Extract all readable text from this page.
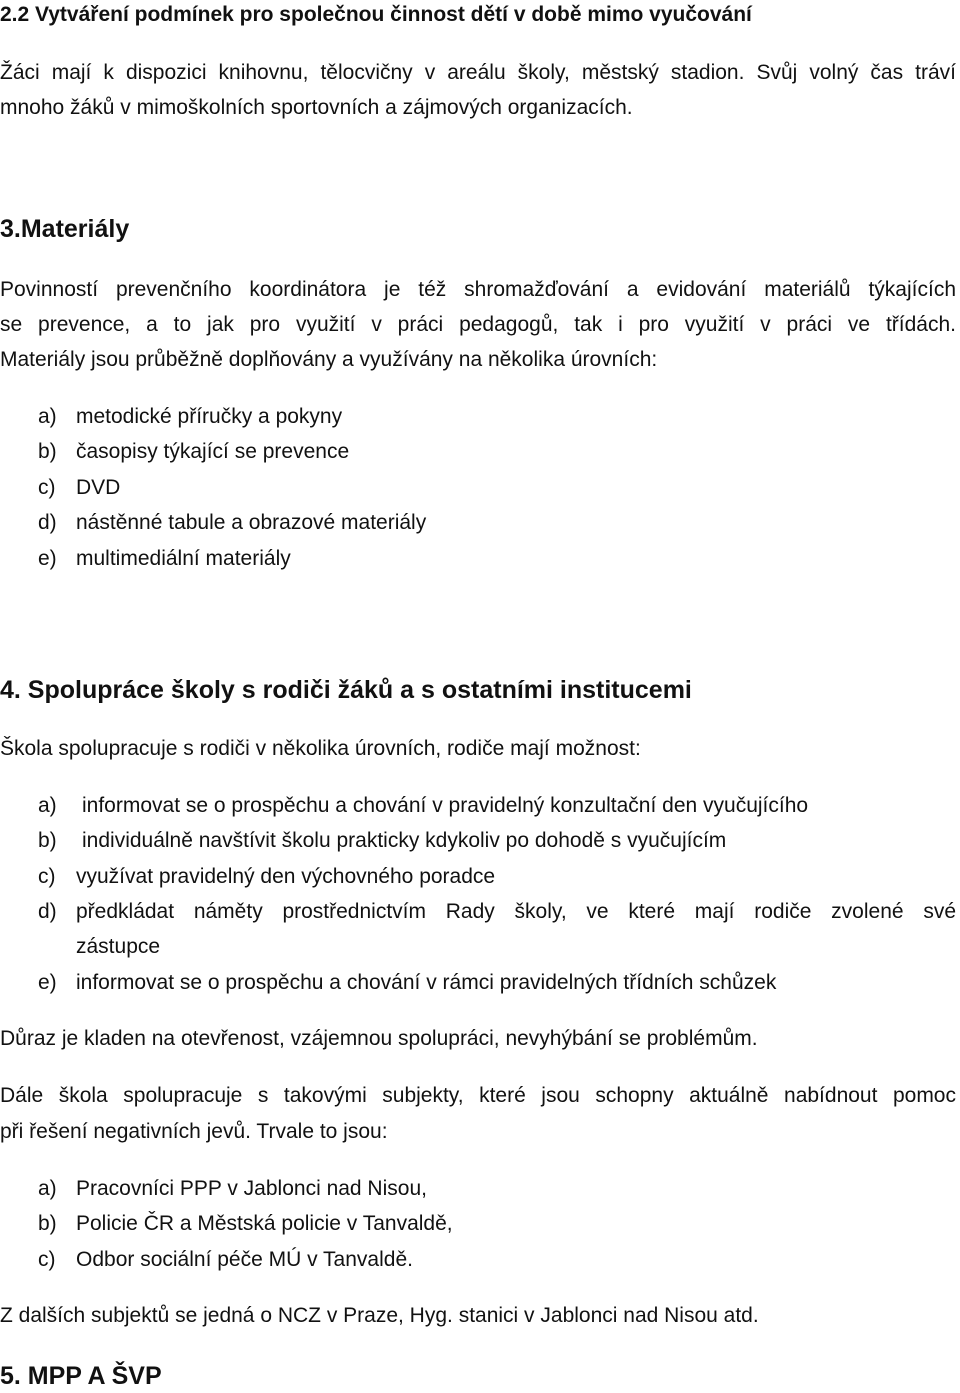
2.2 Vytváření podmínek pro společnou činnost dětí v době mimo vyučování
Žáci mají k dispozici knihovnu, tělocvičny v areálu školy, městský stadion. Svůj volný čas tráví
mnoho žáků v mimoškolních sportovních a zájmových organizacích.
3.Materiály
Povinností prevenčního koordinátora je též shromažďování a evidování materiálů týkajících
se prevence, a to jak pro využití v práci pedagogů, tak i pro využití v práci ve třídách.
Materiály jsou průběžně doplňovány a využívány na několika úrovních:
a) metodické příručky a pokyny
b) časopisy týkající se prevence
c) DVD
d) nástěnné tabule a obrazové materiály
e) multimediální materiály
4. Spolupráce školy s rodiči žáků a s ostatními institucemi
Škola spolupracuje s rodiči v několika úrovních, rodiče mají možnost:
a) informovat se o prospěchu a chování v pravidelný konzultační den vyučujícího
b) individuálně navštívit školu prakticky kdykoliv po dohodě s vyučujícím
c) využívat pravidelný den výchovného poradce
d) předkládat náměty prostřednictvím Rady školy, ve které mají rodiče zvolené své
zástupce
e) informovat se o prospěchu a chování v rámci pravidelných třídních schůzek
Důraz je kladen na otevřenost, vzájemnou spolupráci, nevyhýbání se problémům.
Dále škola spolupracuje s takovými subjekty, které jsou schopny aktuálně nabídnout pomoc
při řešení negativních jevů. Trvale to jsou:
a) Pracovníci PPP v Jablonci nad Nisou,
b) Policie ČR a Městská policie v Tanvaldě,
c) Odbor sociální péče MÚ v Tanvaldě.
Z dalších subjektů se jedná o NCZ v Praze, Hyg. stanici v Jablonci nad Nisou atd.
5. MPP A ŠVP
